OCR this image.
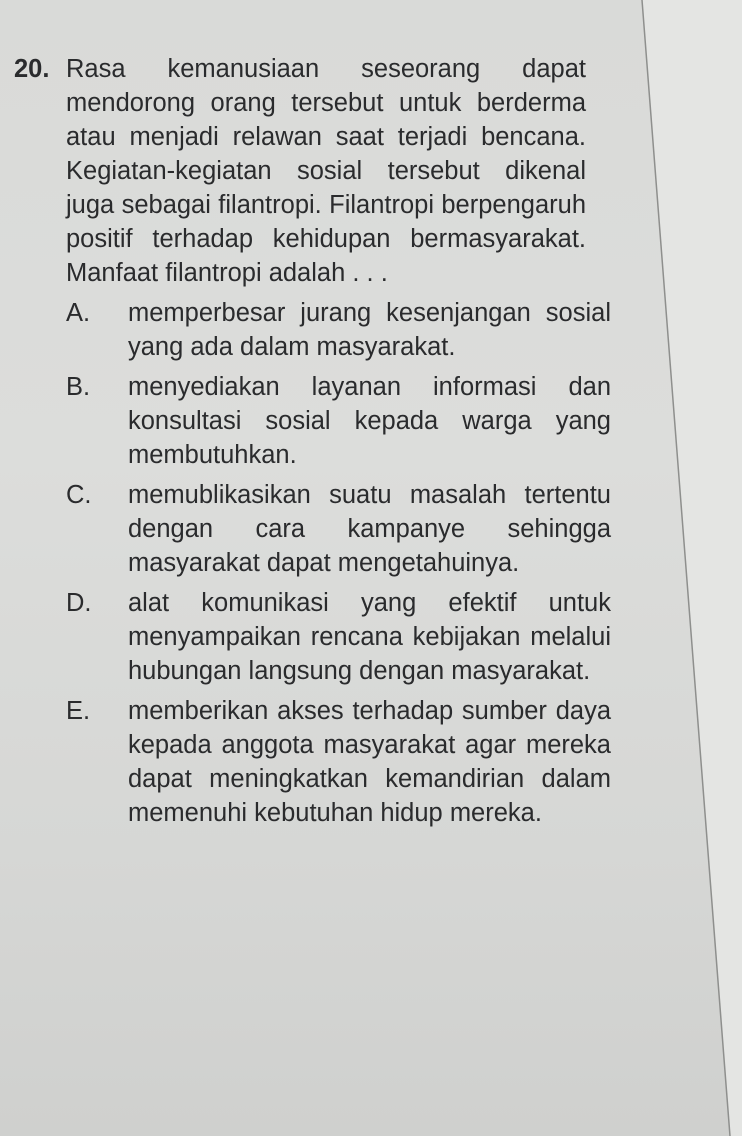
20. Rasa kemanusiaan seseorang dapat mendorong orang tersebut untuk berderma atau menjadi relawan saat terjadi bencana. Kegiatan-kegiatan sosial tersebut dikenal juga sebagai filantropi. Filantropi berpengaruh positif terhadap kehidupan bermasyarakat. Manfaat filantropi adalah . . .
A.	memperbesar jurang kesenjangan sosial yang ada dalam masyarakat.
B.	menyediakan layanan informasi dan konsultasi sosial kepada warga yang membutuhkan.
C.	memublikasikan suatu masalah tertentu dengan cara kampanye sehingga masyarakat dapat mengetahuinya.
D.	alat komunikasi yang efektif untuk menyampaikan rencana kebijakan melalui hubungan langsung dengan masyarakat.
E.	memberikan akses terhadap sumber daya kepada anggota masyarakat agar mereka dapat meningkatkan kemandirian dalam memenuhi kebutuhan hidup mereka.
